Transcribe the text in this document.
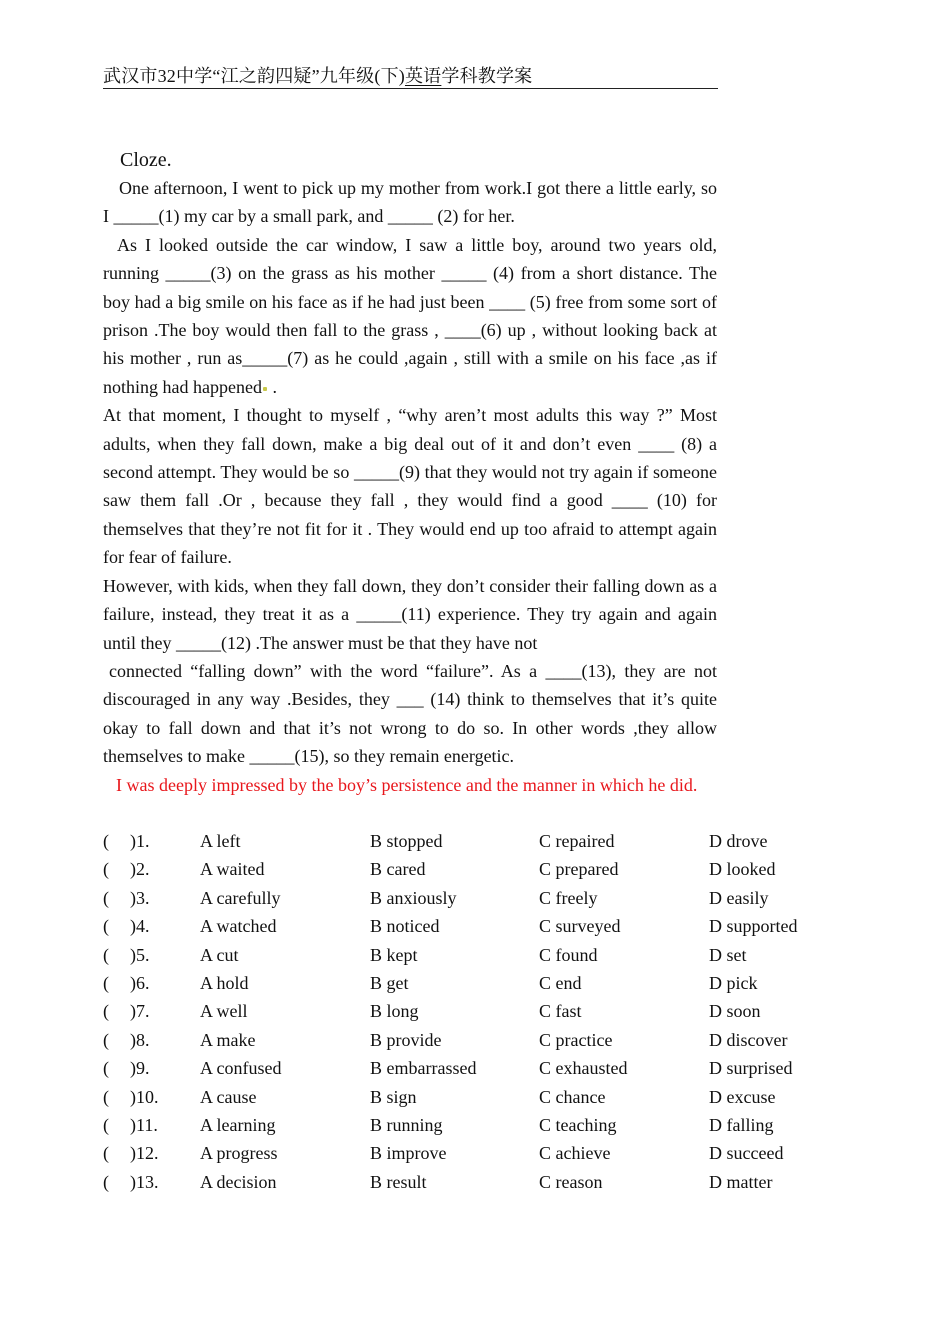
武汉市32中学“江之韵四疑”九年级(下)英语学科教学案
Cloze.

One afternoon, I went to pick up my mother from work.I got there a little early, so I _____(1) my car by a small park, and _____ (2) for her.

As I looked outside the car window, I saw a little boy, around two years old, running _____(3) on the grass as his mother _____ (4) from a short distance. The boy had a big smile on his face as if he had just been ____ (5) free from some sort of prison .The boy would then fall to the grass , ____(6) up , without looking back at his mother , run as_____(7) as he could ,again , still with a smile on his face ,as if nothing had happened .

At that moment, I thought to myself , “why aren’t most adults this way ?” Most adults, when they fall down, make a big deal out of it and don’t even ____ (8) a second attempt. They would be so _____(9) that they would not try again if someone saw them fall .Or , because they fall , they would find a good ____ (10) for themselves that they’re not fit for it . They would end up too afraid to attempt again for fear of failure.

However, with kids, when they fall down, they don’t consider their falling down as a failure, instead, they treat it as a _____(11) experience. They try again and again until they _____(12) .The answer must be that they have not

connected “falling down” with the word “failure”. As a ____(13), they are not discouraged in any way .Besides, they ___ (14) think to themselves that it’s quite okay to fall down and that it’s not wrong to do so. In other words ,they allow themselves to make _____(15), so they remain energetic.

I was deeply impressed by the boy’s persistence and the manner in which he did.

( )1.	A left	B stopped	C repaired	D drove
( )2.	A waited	B cared	C prepared	D looked
( )3.	A carefully	B anxiously	C freely	D easily
( )4.	A watched	B noticed	C surveyed	D supported
( )5.	A cut	B kept	C found	D set
( )6.	A hold	B get	C end	D pick
( )7.	A well	B long	C fast	D soon
( )8.	A make	B provide	C practice	D discover
( )9.	A confused	B embarrassed	C exhausted	D surprised
( )10. A cause	B sign	C chance	D excuse
( )11. A learning	B running	C teaching	D falling
( )12. A progress	B improve	C achieve	D succeed
( )13. A decision	B result	C reason	D matter
